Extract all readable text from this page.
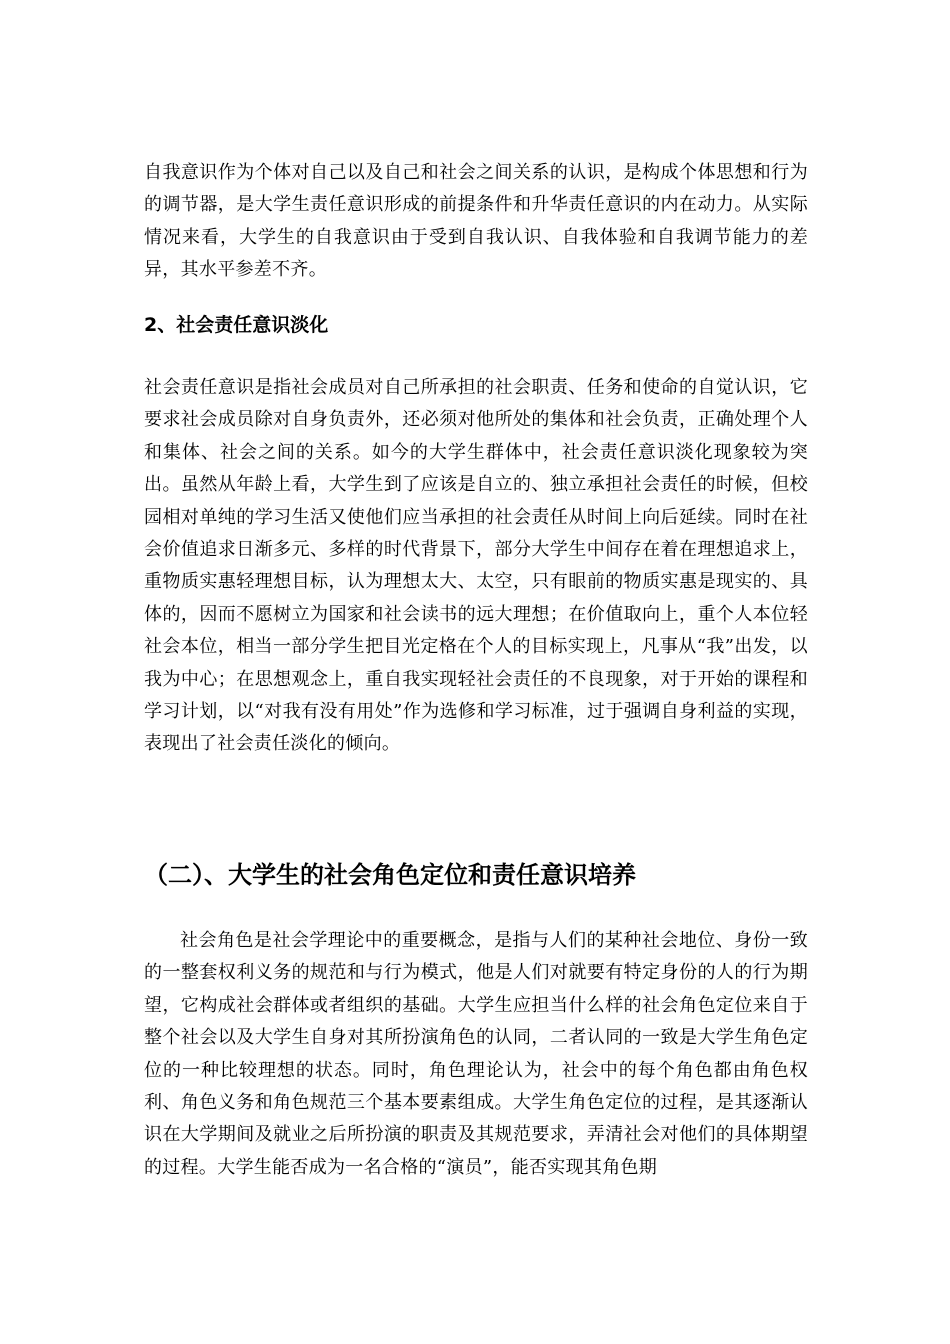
自我意识作为个体对自己以及自己和社会之间关系的认识，是构成个体思想和行为的调节器，是大学生责任意识形成的前提条件和升华责任意识的内在动力。从实际情况来看，大学生的自我意识由于受到自我认识、自我体验和自我调节能力的差异，其水平参差不齐。

2、社会责任意识淡化

社会责任意识是指社会成员对自己所承担的社会职责、任务和使命的自觉认识，它要求社会成员除对自身负责外，还必须对他所处的集体和社会负责，正确处理个人和集体、社会之间的关系。如今的大学生群体中，社会责任意识淡化现象较为突出。虽然从年龄上看，大学生到了应该是自立的、独立承担社会责任的时候，但校园相对单纯的学习生活又使他们应当承担的社会责任从时间上向后延续。同时在社会价值追求日渐多元、多样的时代背景下，部分大学生中间存在着在理想追求上，重物质实惠轻理想目标，认为理想太大、太空，只有眼前的物质实惠是现实的、具体的，因而不愿树立为国家和社会读书的远大理想；在价值取向上，重个人本位轻社会本位，相当一部分学生把目光定格在个人的目标实现上，凡事从“我”出发，以我为中心；在思想观念上，重自我实现轻社会责任的不良现象，对于开始的课程和学习计划，以“对我有没有用处”作为选修和学习标准，过于强调自身利益的实现，表现出了社会责任淡化的倾向。

（二）、大学生的社会角色定位和责任意识培养

社会角色是社会学理论中的重要概念，是指与人们的某种社会地位、身份一致的一整套权利义务的规范和与行为模式，他是人们对就要有特定身份的人的行为期望，它构成社会群体或者组织的基础。大学生应担当什么样的社会角色定位来自于整个社会以及大学生自身对其所扮演角色的认同，二者认同的一致是大学生角色定位的一种比较理想的状态。同时，角色理论认为，社会中的每个角色都由角色权利、角色义务和角色规范三个基本要素组成。大学生角色定位的过程，是其逐渐认识在大学期间及就业之后所扮演的职责及其规范要求，弄清社会对他们的具体期望的过程。大学生能否成为一名合格的“演员”，能否实现其角色期
